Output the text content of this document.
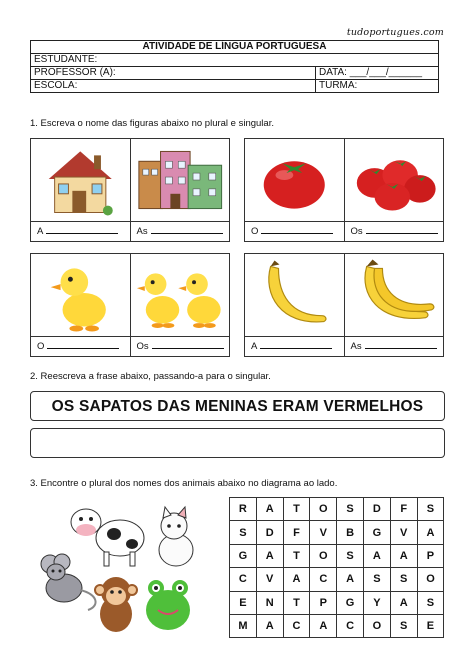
tudoportugues.com
ATIVIDADE DE LÍNGUA PORTUGUESA	
ESTUDANTE:	
PROFESSOR (A):	DATA: ___/___/______
ESCOLA:	TURMA:
1. Escreva o nome das figuras abaixo no plural e singular.
A	As	O	Os
O	Os	A	As
2. Reescreva a frase abaixo, passando-a para o singular.
OS SAPATOS DAS MENINAS ERAM VERMELHOS
3. Encontre o plural dos nomes dos animais abaixo no diagrama ao lado.
R	A	T	O	S	D	F	S
S	D	F	V	B	G	V	A
G	A	T	O	S	A	A	P
C	V	A	C	A	S	S	O
E	N	T	P	G	Y	A	S
M	A	C	A	C	O	S	E
